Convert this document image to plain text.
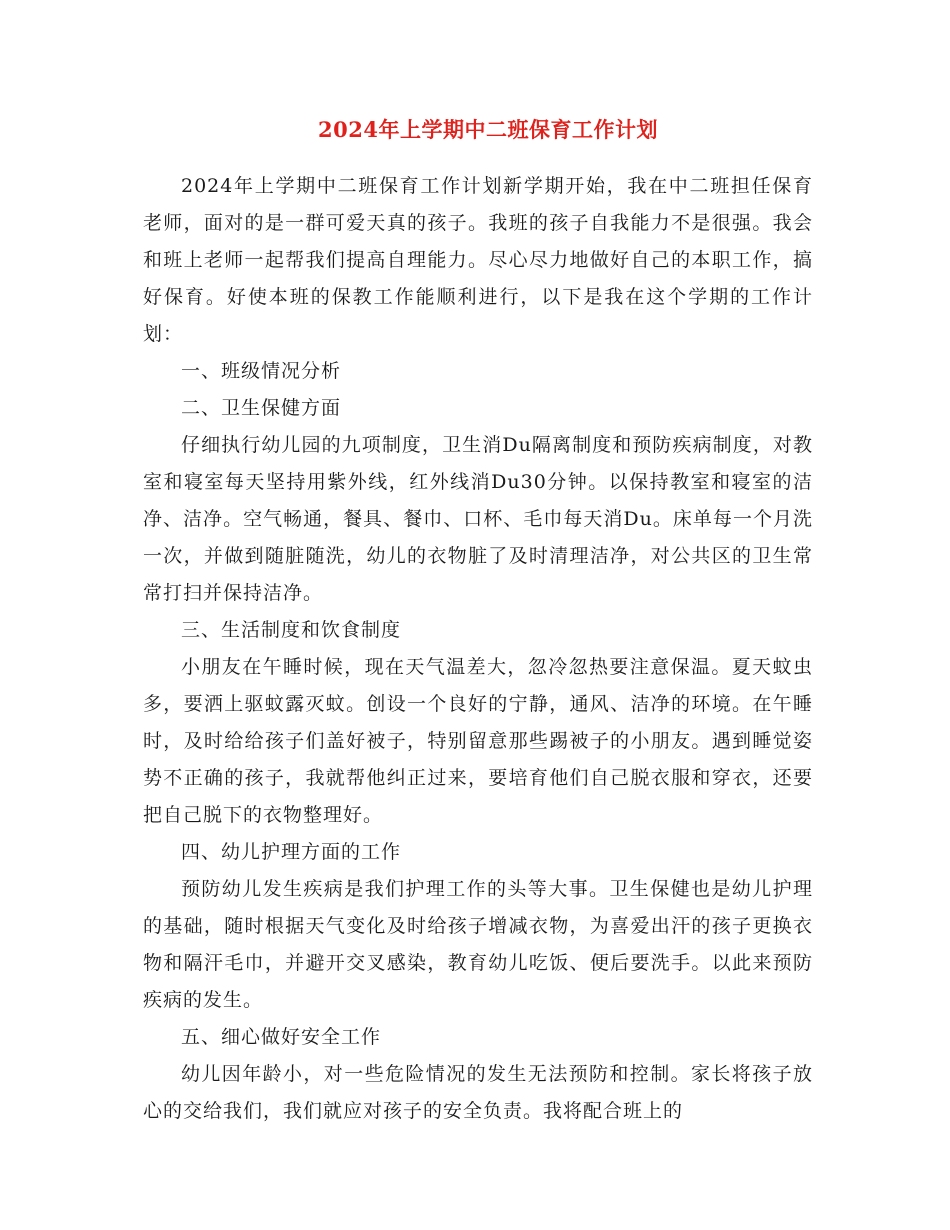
2024年上学期中二班保育工作计划

2024年上学期中二班保育工作计划新学期开始，我在中二班担任保育老师，面对的是一群可爱天真的孩子。我班的孩子自我能力不是很强。我会和班上老师一起帮我们提高自理能力。尽心尽力地做好自己的本职工作，搞好保育。好使本班的保教工作能顺利进行，以下是我在这个学期的工作计划：

一、班级情况分析

二、卫生保健方面

仔细执行幼儿园的九项制度，卫生消Du隔离制度和预防疾病制度，对教室和寝室每天坚持用紫外线，红外线消Du30分钟。以保持教室和寝室的洁净、洁净。空气畅通，餐具、餐巾、口杯、毛巾每天消Du。床单每一个月洗一次，并做到随脏随洗，幼儿的衣物脏了及时清理洁净，对公共区的卫生常常打扫并保持洁净。

三、生活制度和饮食制度

小朋友在午睡时候，现在天气温差大，忽冷忽热要注意保温。夏天蚊虫多，要洒上驱蚊露灭蚊。创设一个良好的宁静，通风、洁净的环境。在午睡时，及时给给孩子们盖好被子，特别留意那些踢被子的小朋友。遇到睡觉姿势不正确的孩子，我就帮他纠正过来，要培育他们自己脱衣服和穿衣，还要把自己脱下的衣物整理好。

四、幼儿护理方面的工作

预防幼儿发生疾病是我们护理工作的头等大事。卫生保健也是幼儿护理的基础，随时根据天气变化及时给孩子增减衣物，为喜爱出汗的孩子更换衣物和隔汗毛巾，并避开交叉感染，教育幼儿吃饭、便后要洗手。以此来预防疾病的发生。

五、细心做好安全工作

幼儿因年龄小，对一些危险情况的发生无法预防和控制。家长将孩子放心的交给我们，我们就应对孩子的安全负责。我将配合班上的
